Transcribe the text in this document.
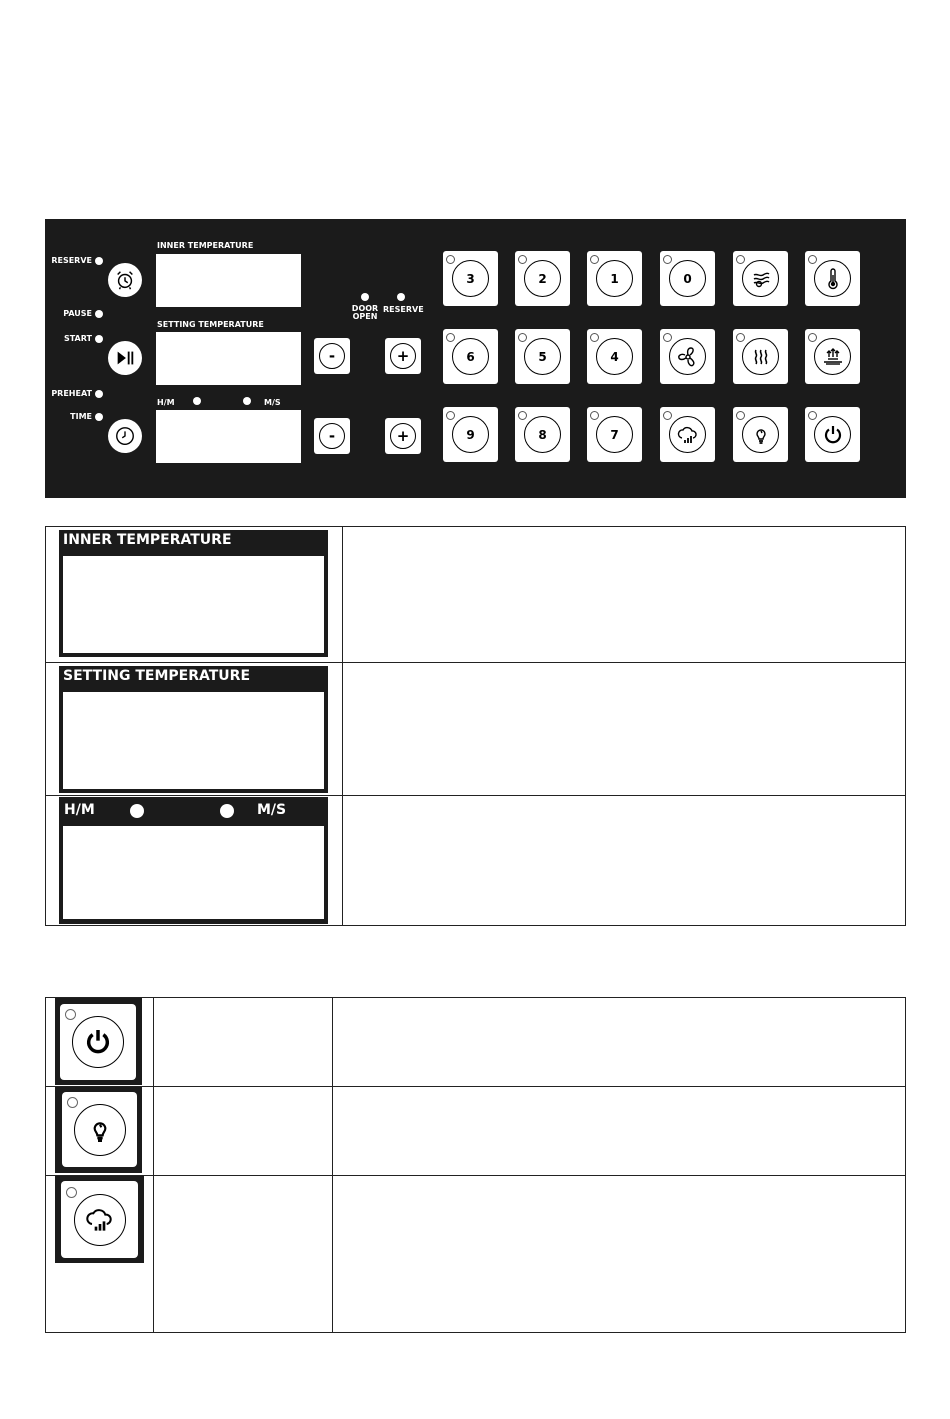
RESERVE
PAUSE
START
PREHEAT
TIME
INNER TEMPERATURE
SETTING TEMPERATURE
H/M	M/S
DOOR OPEN
RESERVE
-	+
-	+
3	2	1	0
6	5	4
9	8	7
INNER TEMPERATURE
SETTING TEMPERATURE
H/M	M/S
